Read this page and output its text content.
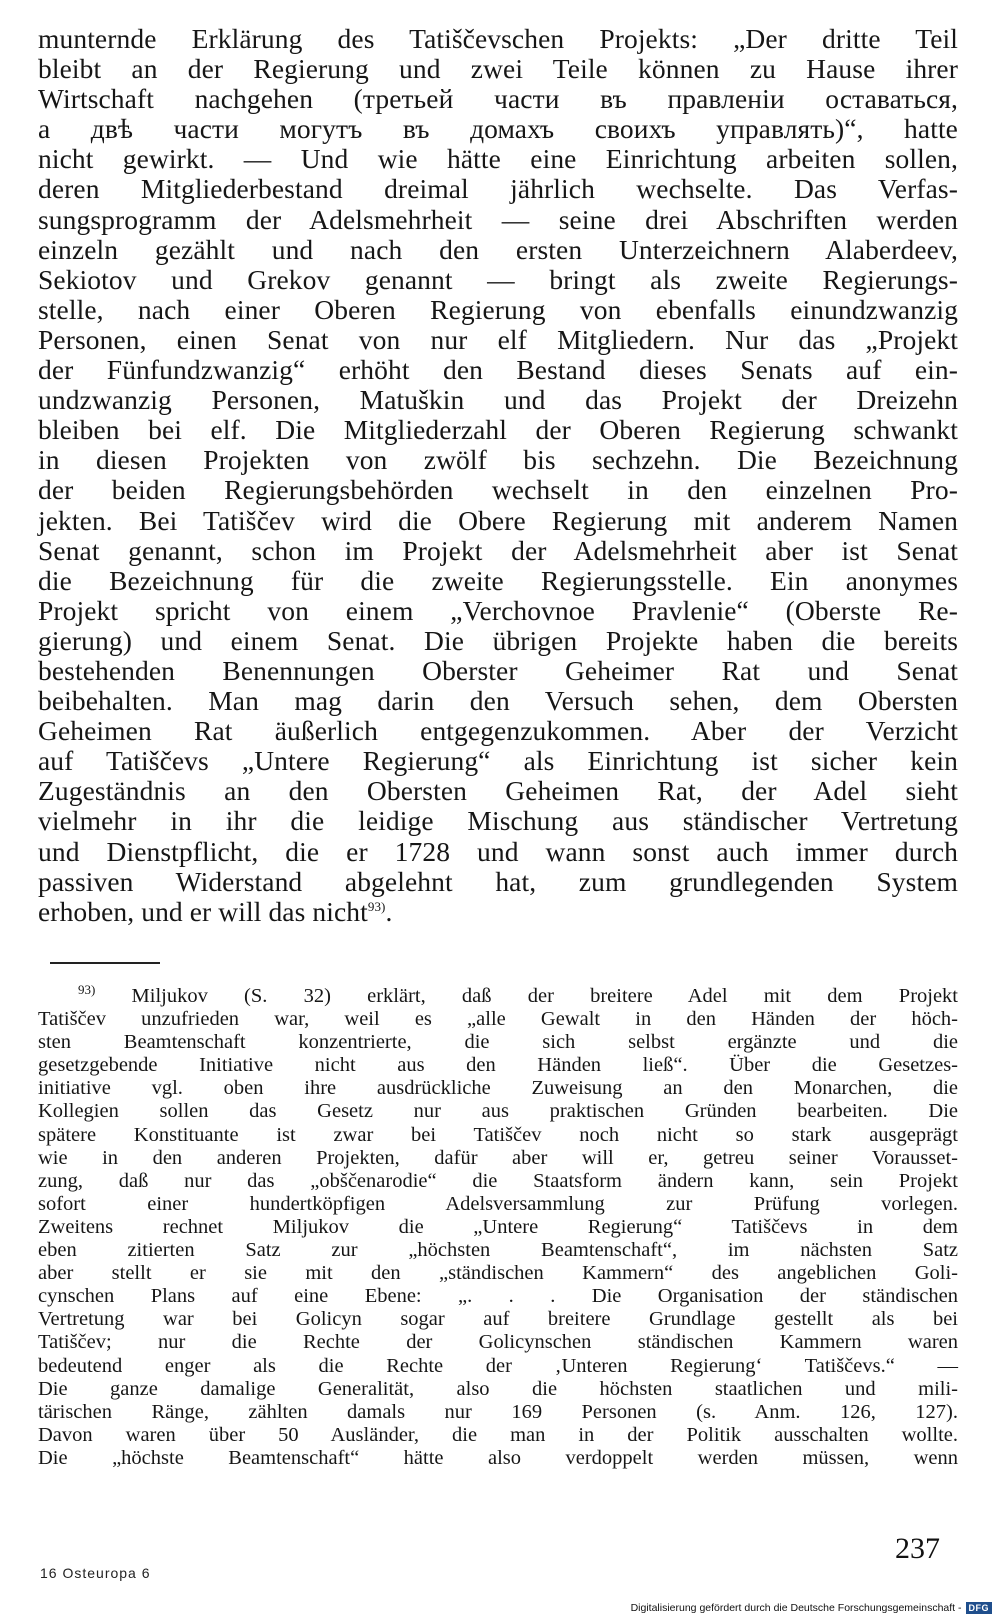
munternde Erklärung des Tatiščevschen Projekts: „Der dritte Teil
bleibt an der Regierung und zwei Teile können zu Hause ihrer
Wirtschaft nachgehen (третьей части въ правленіи оставаться,
а двѣ части могутъ въ домахъ своихъ управлять)“, hatte
nicht gewirkt. — Und wie hätte eine Einrichtung arbeiten sollen,
deren Mitgliederbestand dreimal jährlich wechselte. Das Verfas-
sungsprogramm der Adelsmehrheit — seine drei Abschriften werden
einzeln gezählt und nach den ersten Unterzeichnern Alaberdeev,
Sekiotov und Grekov genannt — bringt als zweite Regierungs-
stelle, nach einer Oberen Regierung von ebenfalls einundzwanzig
Personen, einen Senat von nur elf Mitgliedern. Nur das „Projekt
der Fünfundzwanzig“ erhöht den Bestand dieses Senats auf ein-
undzwanzig Personen, Matuškin und das Projekt der Dreizehn
bleiben bei elf. Die Mitgliederzahl der Oberen Regierung schwankt
in diesen Projekten von zwölf bis sechzehn. Die Bezeichnung
der beiden Regierungsbehörden wechselt in den einzelnen Pro-
jekten. Bei Tatiščev wird die Obere Regierung mit anderem Namen
Senat genannt, schon im Projekt der Adelsmehrheit aber ist Senat
die Bezeichnung für die zweite Regierungsstelle. Ein anonymes
Projekt spricht von einem „Verchovnoe Pravlenie“ (Oberste Re-
gierung) und einem Senat. Die übrigen Projekte haben die bereits
bestehenden Benennungen Oberster Geheimer Rat und Senat
beibehalten. Man mag darin den Versuch sehen, dem Obersten
Geheimen Rat äußerlich entgegenzukommen. Aber der Verzicht
auf Tatiščevs „Untere Regierung“ als Einrichtung ist sicher kein
Zugeständnis an den Obersten Geheimen Rat, der Adel sieht
vielmehr in ihr die leidige Mischung aus ständischer Vertretung
und Dienstpflicht, die er 1728 und wann sonst auch immer durch
passiven Widerstand abgelehnt hat, zum grundlegenden System
erhoben, und er will das nicht$^{93)}$.
$^{93)}$ Miljukov (S. 32) erklärt, daß der breitere Adel mit dem Projekt
Tatiščev unzufrieden war, weil es „alle Gewalt in den Händen der höch-
sten Beamtenschaft konzentrierte, die sich selbst ergänzte und die
gesetzgebende Initiative nicht aus den Händen ließ“. Über die Gesetzes-
initiative vgl. oben ihre ausdrückliche Zuweisung an den Monarchen, die
Kollegien sollen das Gesetz nur aus praktischen Gründen bearbeiten. Die
spätere Konstituante ist zwar bei Tatiščev noch nicht so stark ausgeprägt
wie in den anderen Projekten, dafür aber will er, getreu seiner Vorausset-
zung, daß nur das „obščenarodie“ die Staatsform ändern kann, sein Projekt
sofort einer hundertköpfigen Adelsversammlung zur Prüfung vorlegen.
Zweitens rechnet Miljukov die „Untere Regierung“ Tatiščevs in dem
eben zitierten Satz zur „höchsten Beamtenschaft“, im nächsten Satz
aber stellt er sie mit den „ständischen Kammern“ des angeblichen Goli-
cynschen Plans auf eine Ebene: „. . . Die Organisation der ständischen
Vertretung war bei Golicyn sogar auf breitere Grundlage gestellt als bei
Tatiščev; nur die Rechte der Golicynschen ständischen Kammern waren
bedeutend enger als die Rechte der ‚Unteren Regierung‘ Tatiščevs.“ —
Die ganze damalige Generalität, also die höchsten staatlichen und mili-
tärischen Ränge, zählten damals nur 169 Personen (s. Anm. 126, 127).
Davon waren über 50 Ausländer, die man in der Politik ausschalten wollte.
Die „höchste Beamtenschaft“ hätte also verdoppelt werden müssen, wenn
16 Osteuropa 6
237
Digitalisierung gefördert durch die Deutsche Forschungsgemeinschaft - DFG
